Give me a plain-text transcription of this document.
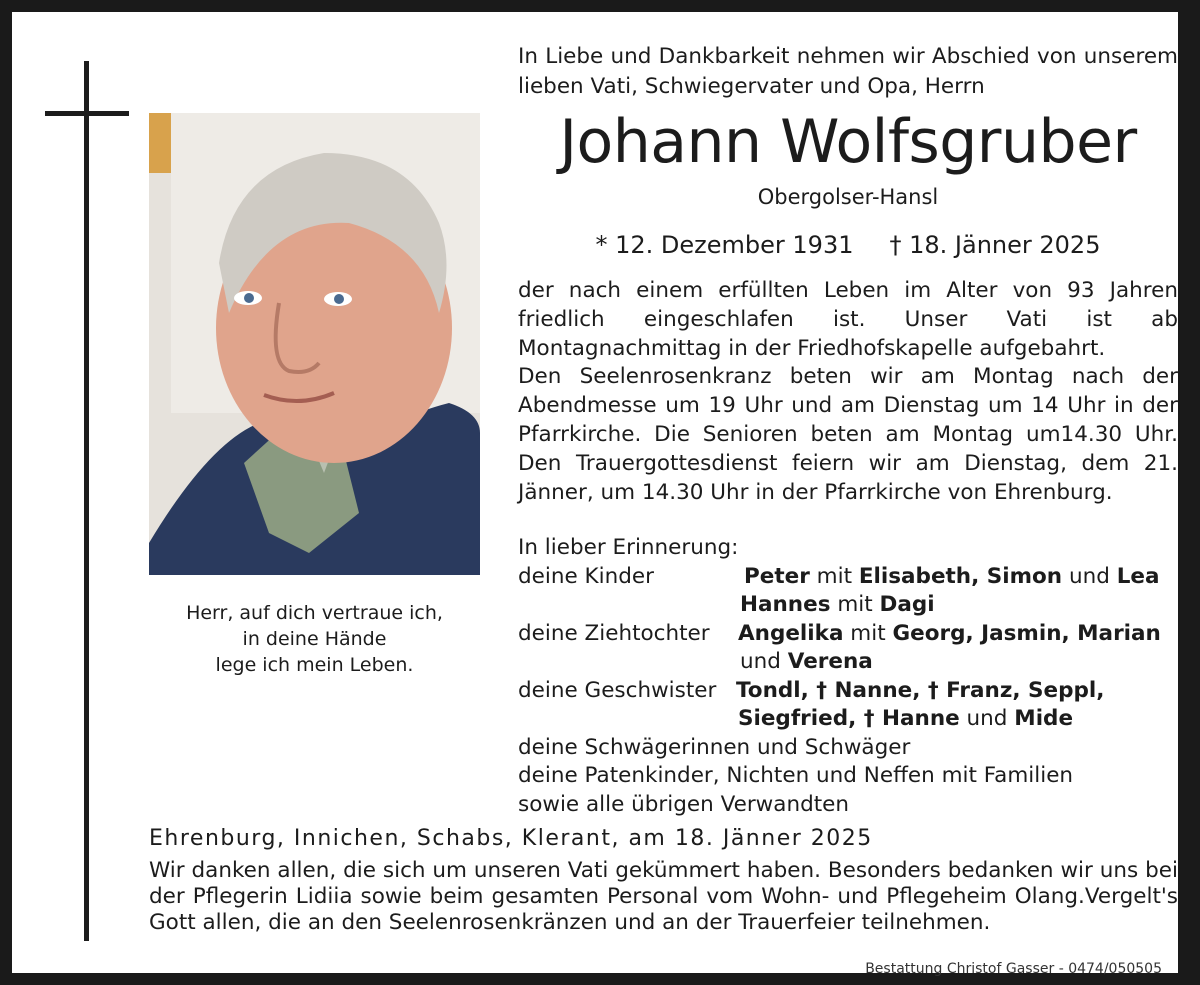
Herr, auf dich vertraue ich,
in deine Hände
lege ich mein Leben.
In Liebe und Dankbarkeit nehmen wir Abschied von unserem lieben Vati, Schwiegervater und Opa, Herrn
Johann Wolfsgruber
Obergolser-Hansl
* 12. Dezember 1931 † 18. Jänner 2025
der nach einem erfüllten Leben im Alter von 93 Jahren friedlich eingeschlafen ist. Unser Vati ist ab Montagnachmittag in der Friedhofskapelle aufgebahrt.
Den Seelenrosenkranz beten wir am Montag nach der Abendmesse um 19 Uhr und am Dienstag um 14 Uhr in der Pfarrkirche. Die Senioren beten am Montag um14.30 Uhr. Den Trauergottesdienst feiern wir am Dienstag, dem 21. Jänner, um 14.30 Uhr in der Pfarrkirche von Ehrenburg.
In lieber Erinnerung:
deine Kinder	Peter mit Elisabeth, Simon und Lea
Hannes mit Dagi
deine Ziehtochter Angelika mit Georg, Jasmin, Marian
und Verena
deine Geschwister Tondl, † Nanne, † Franz, Seppl,
Siegfried, † Hanne und Mide
deine Schwägerinnen und Schwäger
deine Patenkinder, Nichten und Neffen mit Familien
sowie alle übrigen Verwandten
Ehrenburg, Innichen, Schabs, Klerant, am 18. Jänner 2025
Wir danken allen, die sich um unseren Vati gekümmert haben. Besonders bedanken wir uns bei der Pflegerin Lidiia sowie beim gesamten Personal vom Wohn- und Pflegeheim Olang.Vergelt's Gott allen, die an den Seelenrosenkränzen und an der Trauerfeier teilnehmen.
Bestattung Christof Gasser - 0474/050505
